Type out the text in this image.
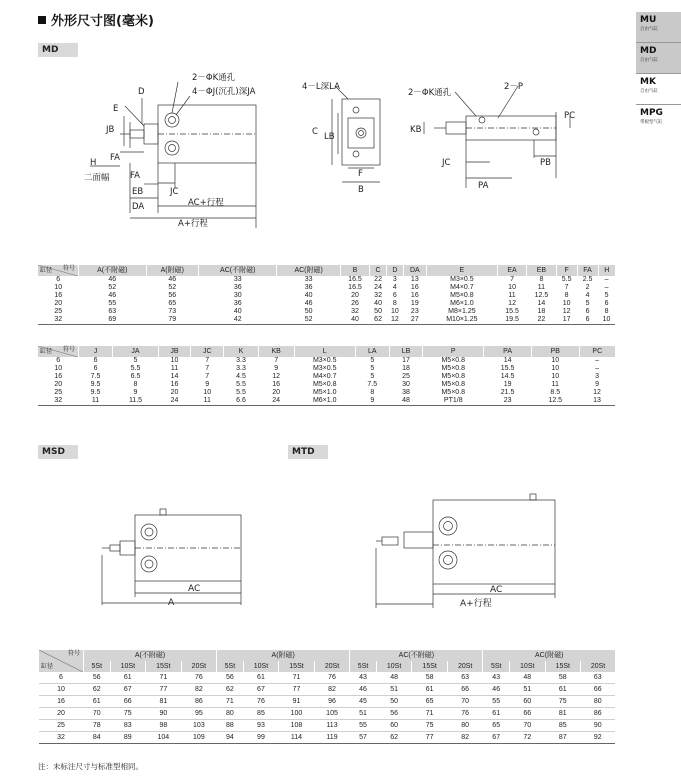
外形尺寸图(毫米)
MD
MSD	MTD
MU
自由气缸
MD
自由气缸
MK
自由气缸
MPG
带板型气缸
2－ΦK通孔
4－ΦJ(沉孔)深JA
E
D
JB
H FA
二面幅 FA
EB	JC
DA	AC+行程
A+行程
4－L深LA
C LB
F
B
2－ΦK通孔
2－P
KB
PC
JC	PB
PA
符号
缸径	A(不附磁)	A(附磁)	AC(不附磁)	AC(附磁)	B	C	D	DA	E	EA	EB	F	FA	H
6	46	46	33	33	16.5	22	3	13	M3×0.5	7	8	5.5	2.5	–
10	52	52	36	36	16.5	24	4	16	M4×0.7	10	11	7	2	–
16	46	56	30	40	20	32	6	16	M5×0.8	11	12.5	8	4	5
20	55	65	36	46	26	40	8	19	M6×1.0	12	14	10	5	6
25	63	73	40	50	32	50	10	23	M8×1.25	15.5	18	12	6	8
32	69	79	42	52	40	62	12	27	M10×1.25	19.5	22	17	6	10
符号
缸径	J	JA	JB	JC	K	KB	L	LA	LB	P	PA	PB	PC
6	6	5	10	7	3.3	7	M3×0.5	5	17	M5×0.8	14	10	–
10	6	5.5	11	7	3.3	9	M3×0.5	5	18	M5×0.8	15.5	10	–
16	7.5	6.5	14	7	4.5	12	M4×0.7	5	25	M5×0.8	14.5	10	3
20	9.5	8	16	9	5.5	16	M5×0.8	7.5	30	M5×0.8	19	11	9
25	9.5	9	20	10	5.5	20	M5×1.0	8	38	M5×0.8	21.5	8.5	12
32	11	11.5	24	11	6.6	24	M6×1.0	9	48	PT1/8	23	12.5	13
AC
A
AC
A+行程
符号
缸径	A(不附磁)				A(附磁)				AC(不附磁)				AC(附磁)			
	5St	10St	15St	20St	5St	10St	15St	20St	5St	10St	15St	20St	5St	10St	15St	20St
6	56	61	71	76	56	61	71	76	43	48	58	63	43	48	58	63
10	62	67	77	82	62	67	77	82	46	51	61	66	46	51	61	66
16	61	66	81	86	71	76	91	96	45	50	65	70	55	60	75	80
20	70	75	90	95	80	85	100	105	51	56	71	76	61	66	81	86
25	78	83	98	103	88	93	108	113	55	60	75	80	65	70	85	90
32	84	89	104	109	94	99	114	119	57	62	77	82	67	72	87	92
注：未标注尺寸与标准型相同。
